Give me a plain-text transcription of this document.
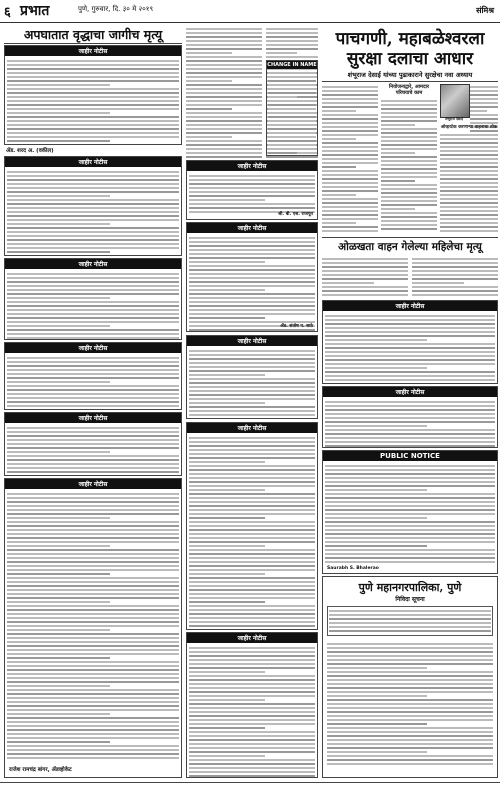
६ प्रभात	पुणे, गुरुवार, दि. ३० मे २०१९	संमिश्र
अपघातात वृद्धाचा जागीच मृत्यू
जाहीर नोटीस
ॲड. शरद अ. (वकील)
जाहीर नोटीस
जाहीर नोटीस
जाहीर नोटीस
जाहीर नोटीस
जाहीर नोटीस
राजेश रामचंद्र बांगर, ॲडव्होकेट
CHANGE IN NAME
जाहीर नोटीस
श्री. बी. एस. राजपूत
जाहीर नोटीस
ॲड. संतोष प. साठे
जाहीर नोटीस
जाहीर नोटीस
जाहीर नोटीस
पाचगणी, महाबळेश्वरला
सुरक्षा दलाचा आधार
शंभूराज देसाई यांच्या पुढाकाराने सुरक्षेचा नवा अध्याय
नियोजनाद्वारे, आमदार परिचयाचे काम
शंभूराज देसाई
ओव्हरटेक करणाऱ्या वाहनाचा ठोक
ओळखता वाहन गेलेल्या महिलेचा मृत्यू
जाहीर नोटीस
जाहीर नोटीस
PUBLIC NOTICE
Saurabh S. Bhalerao
पुणे महानगरपालिका, पुणे
निविदा सूचना
